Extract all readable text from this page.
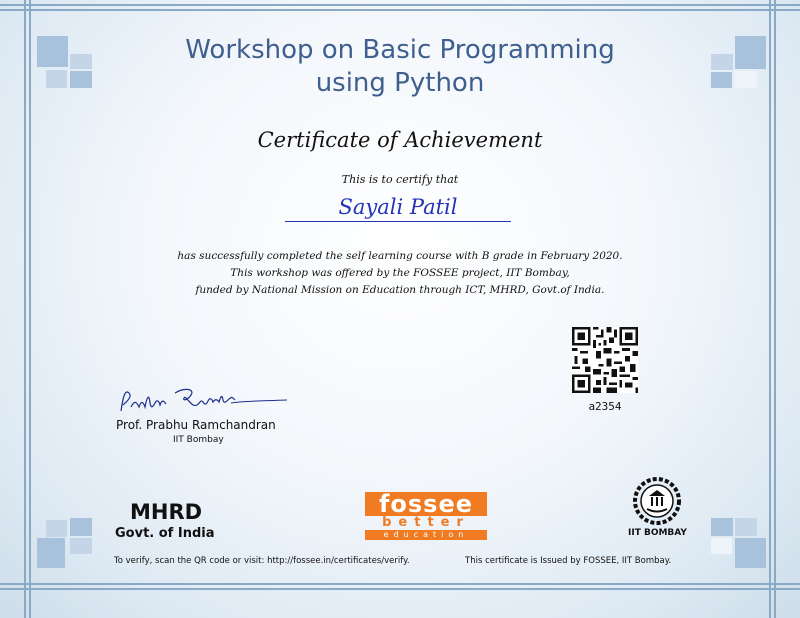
Workshop on Basic Programming
using Python
Certificate of Achievement
This is to certify that
Sayali Patil
has successfully completed the self learning course with B grade in February 2020.
This workshop was offered by the FOSSEE project, IIT Bombay,
funded by National Mission on Education through ICT, MHRD, Govt.of India.
a2354
Prof. Prabhu Ramchandran
IIT Bombay
MHRD
Govt. of India
fossee
better
education	IIT BOMBAY
To verify, scan the QR code or visit: http://fossee.in/certificates/verify.	This certificate is Issued by FOSSEE, IIT Bombay.
